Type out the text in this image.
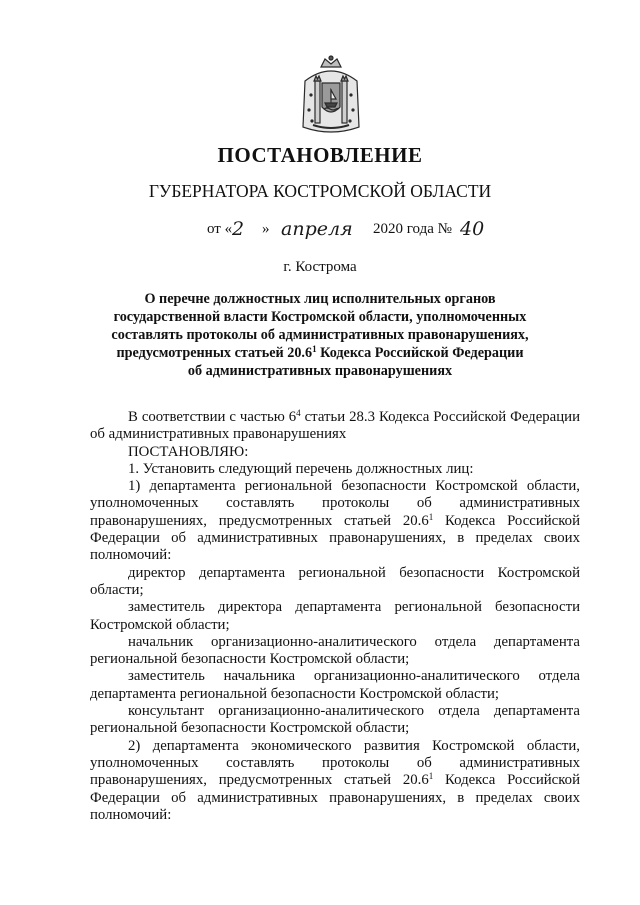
ПОСТАНОВЛЕНИЕ
ГУБЕРНАТОРА КОСТРОМСКОЙ ОБЛАСТИ
от « 2 » апреля 2020 года № 40
г. Кострома
О перечне должностных лиц исполнительных органов
государственной власти Костромской области, уполномоченных
составлять протоколы об административных правонарушениях,
предусмотренных статьей 20.6$^1$ Кодекса Российской Федерации
об административных правонарушениях

В соответствии с частью $6^4$ статьи 28.3 Кодекса Российской Федерации об административных правонарушениях

ПОСТАНОВЛЯЮ:

1. Установить следующий перечень должностных лиц:

1) департамента региональной безопасности Костромской области, уполномоченных составлять протоколы об административных правонарушениях, предусмотренных статьей 20.6$^1$ Кодекса Российской Федерации об административных правонарушениях, в пределах своих полномочий:

директор департамента региональной безопасности Костромской области;

заместитель директора департамента региональной безопасности Костромской области;

начальник организационно-аналитического отдела департамента региональной безопасности Костромской области;

заместитель начальника организационно-аналитического отдела департамента региональной безопасности Костромской области;

консультант организационно-аналитического отдела департамента региональной безопасности Костромской области;

2) департамента экономического развития Костромской области, уполномоченных составлять протоколы об административных правонарушениях, предусмотренных статьей 20.6$^1$ Кодекса Российской Федерации об административных правонарушениях, в пределах своих полномочий:
